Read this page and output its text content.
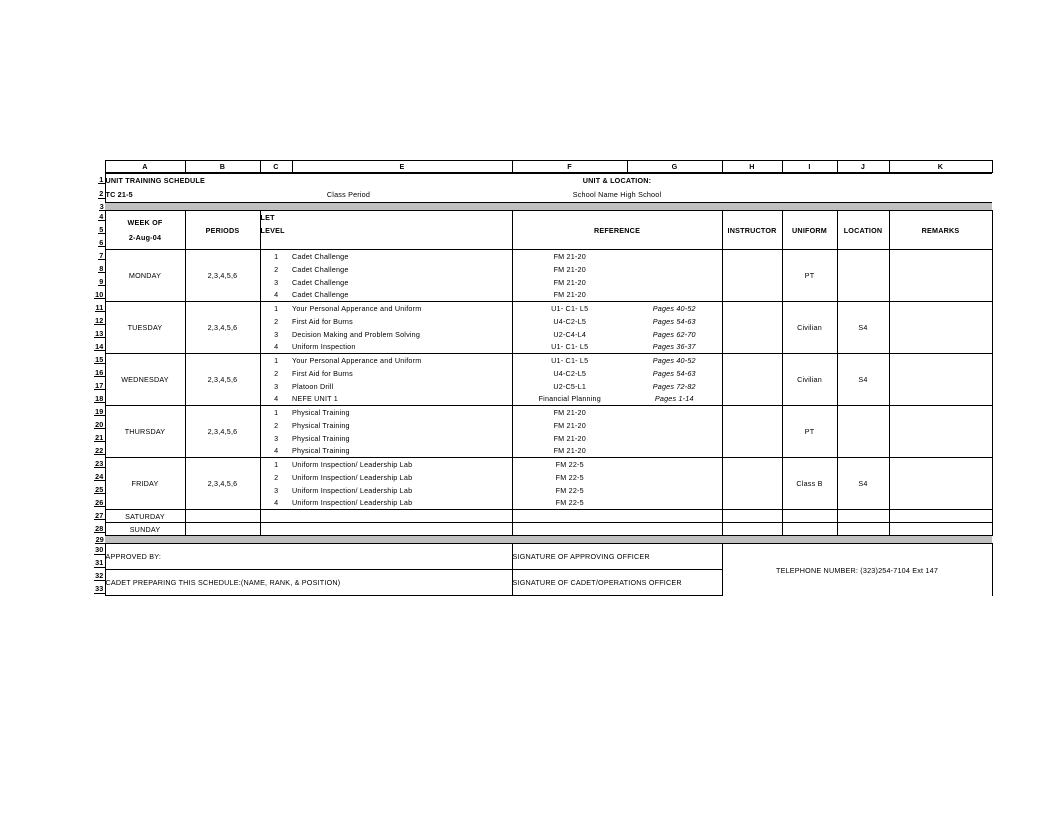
	A	B	C	E	F	G	H	I	J	K
1	UNIT TRAINING SCHEDULE				UNIT & LOCATION:					
2	TC 21-5	Class Period			School Name High School					
3										
4	WEEK OF
2-Aug-04	PERIODS	LET		REFERENCE		INSTRUCTOR	UNIFORM	LOCATION	REMARKS
5			LEVEL							
6										
7	MONDAY	2,3,4,5,6	1	Cadet Challenge	FM 21-20			PT		
8			2	Cadet Challenge	FM 21-20					
9			3	Cadet Challenge	FM 21-20					
10			4	Cadet Challenge	FM 21-20					
11	TUESDAY	2,3,4,5,6	1	Your Personal Apperance and Uniform	U1- C1- L5	Pages 40-52		Civilian	S4	
12			2	First Aid for Burns	U4-C2-L5	Pages 54-63				
13			3	Decision Making and Problem Solving	U2-C4-L4	Pages 62-70				
14			4	Uniform Inspection	U1- C1- L5	Pages 36-37				
15	WEDNESDAY	2,3,4,5,6	1	Your Personal Apperance and Uniform	U1- C1- L5	Pages 40-52		Civilian	S4	
16			2	First Aid for Burns	U4-C2-L5	Pages 54-63				
17			3	Platoon Drill	U2-C5-L1	Pages 72-82				
18			4	NEFE UNIT 1	Financial Planning	Pages 1-14				
19	THURSDAY	2,3,4,5,6	1	Physical Training	FM 21-20			PT		
20			2	Physical Training	FM 21-20					
21			3	Physical Training	FM 21-20					
22			4	Physical Training	FM 21-20					
23	FRIDAY	2,3,4,5,6	1	Uniform Inspection/ Leadership Lab	FM 22-5			Class B	S4	
24			2	Uniform Inspection/ Leadership Lab	FM 22-5					
25			3	Uniform Inspection/ Leadership Lab	FM 22-5					
26			4	Uniform Inspection/ Leadership Lab	FM 22-5					
27	SATURDAY									
28	SUNDAY									
29										
30	APPROVED BY:				SIGNATURE OF APPROVING OFFICER		TELEPHONE NUMBER: (323)254-7104 Ext 147			
31										
32	CADET PREPARING THIS SCHEDULE:(NAME, RANK, & POSITION)				SIGNATURE OF CADET/OPERATIONS OFFICER					
33										
